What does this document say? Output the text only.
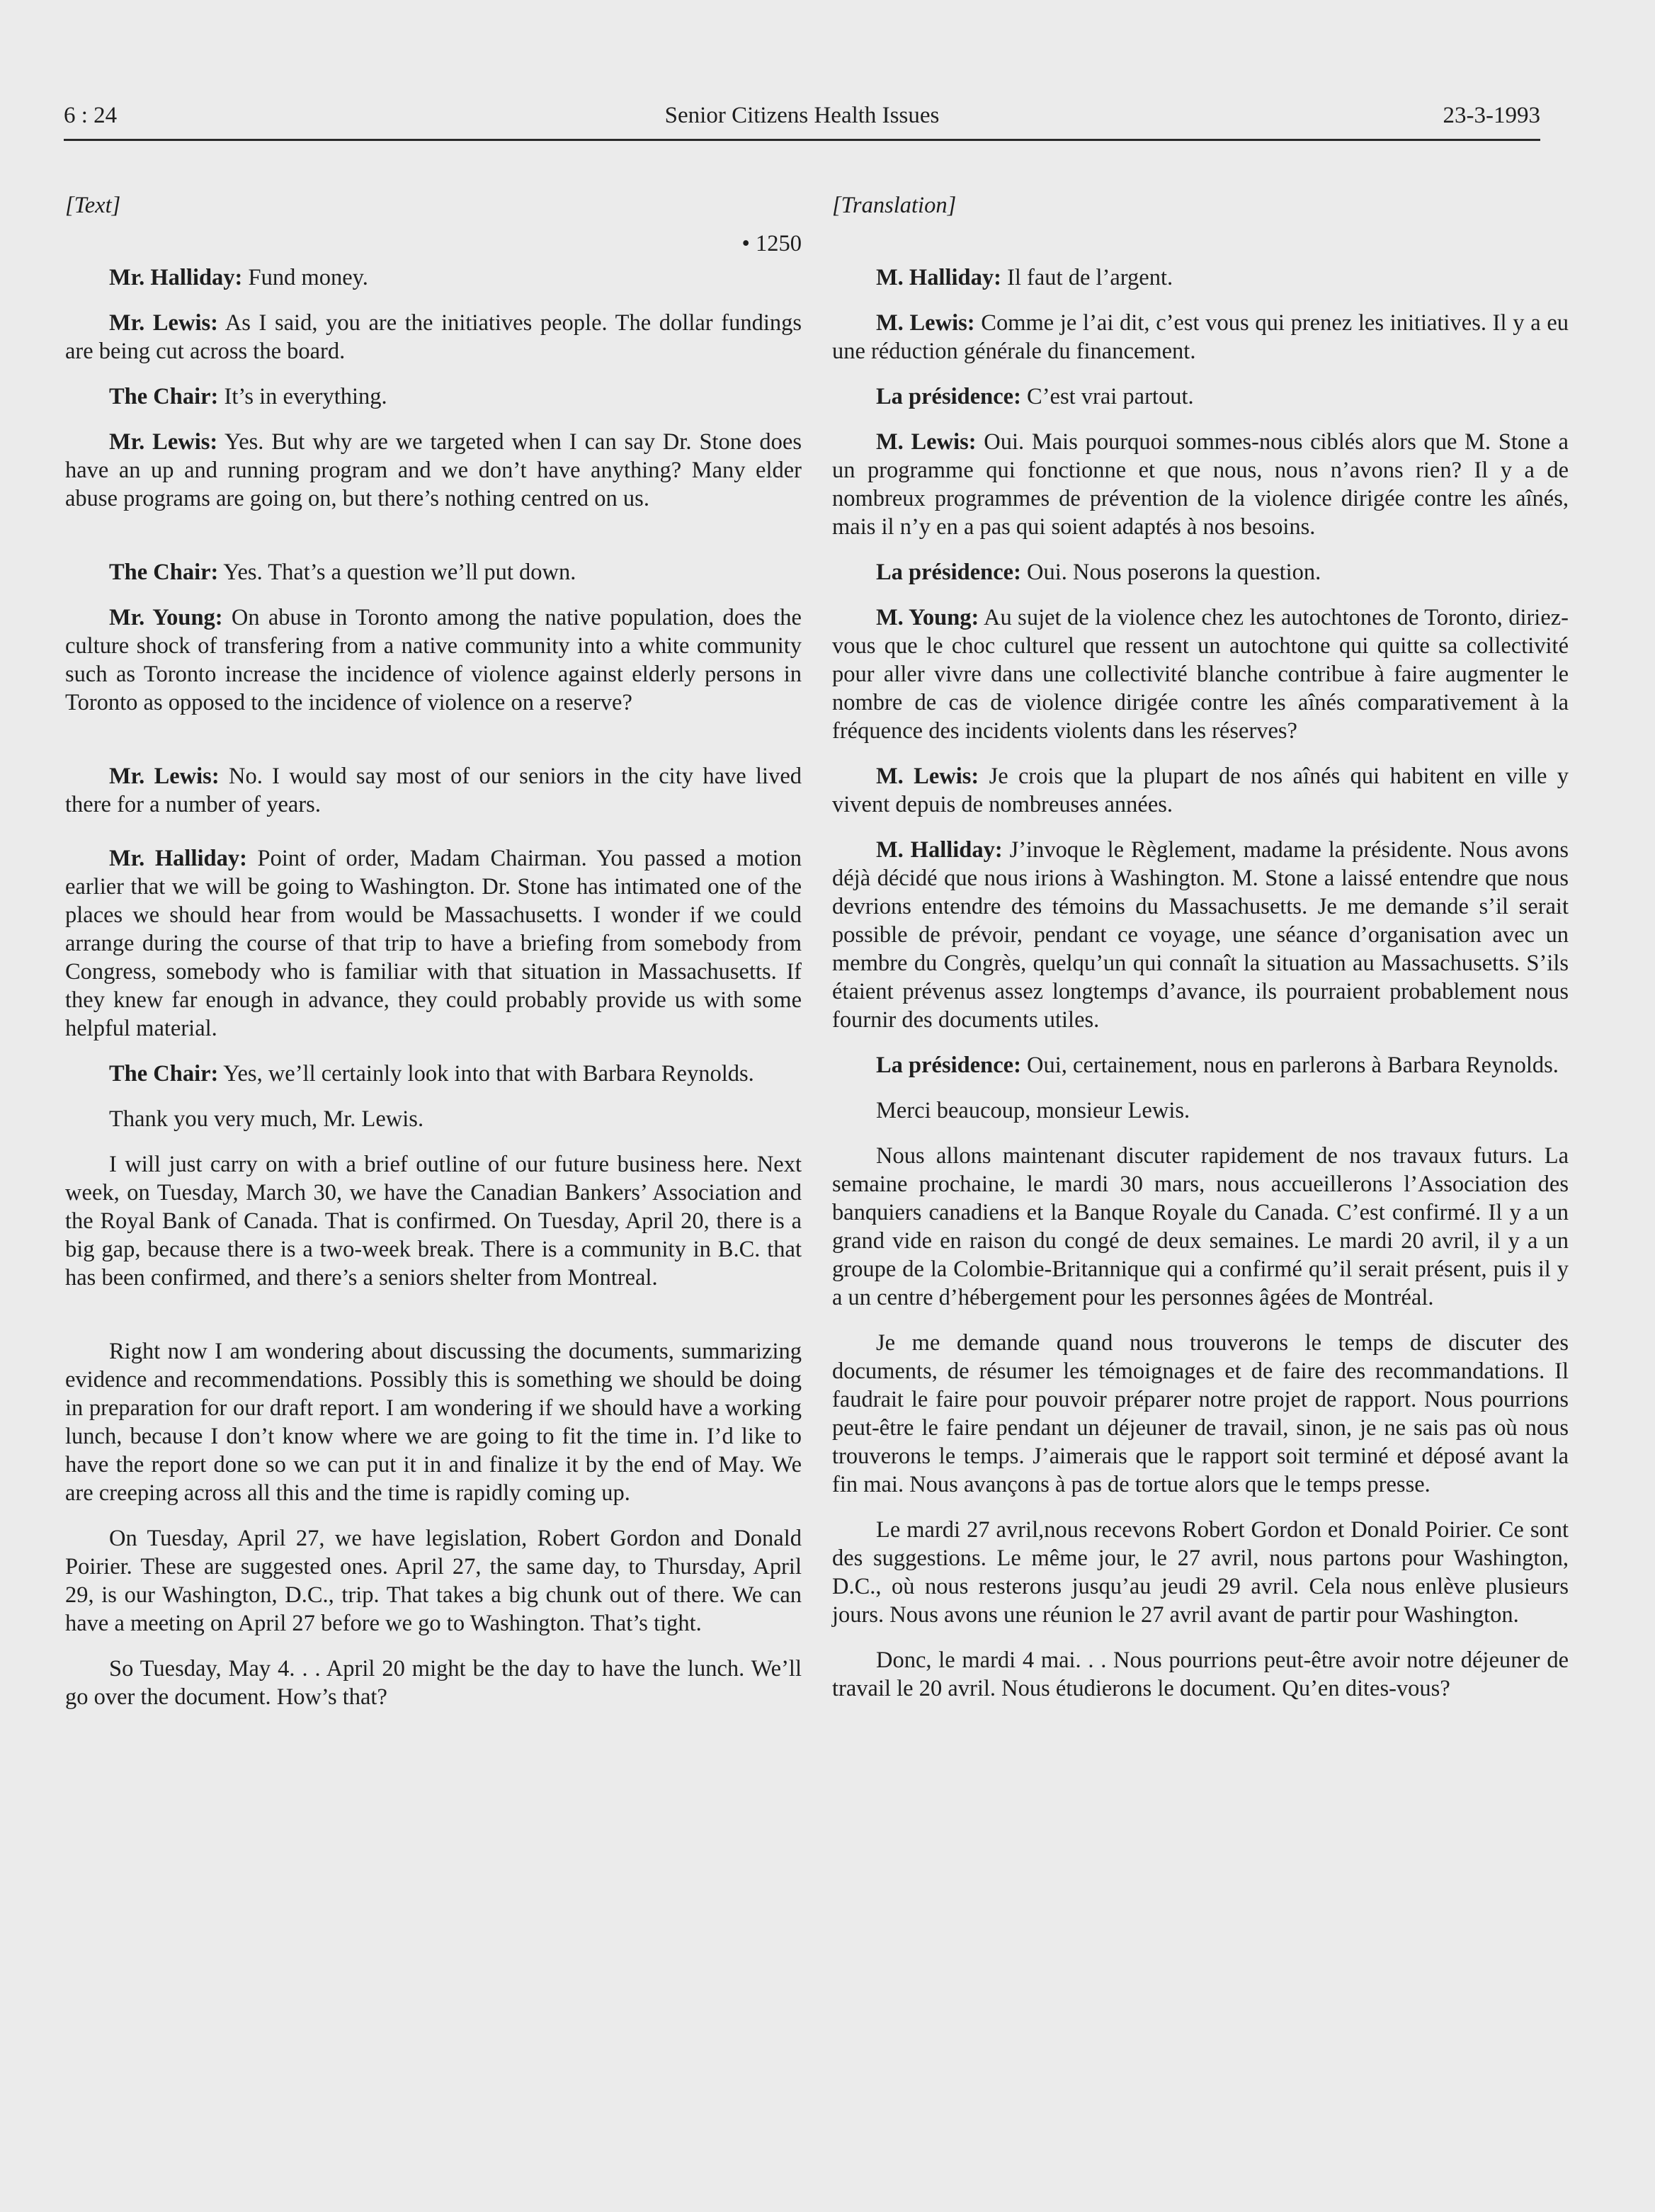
6 : 24	Senior Citizens Health Issues	23-3-1993

[Text]

• 1250

Mr. Halliday: Fund money.

Mr. Lewis: As I said, you are the initiatives people. The dollar fundings are being cut across the board.

The Chair: It’s in everything.

Mr. Lewis: Yes. But why are we targeted when I can say Dr. Stone does have an up and running program and we don’t have anything? Many elder abuse programs are going on, but there’s nothing centred on us.

The Chair: Yes. That’s a question we’ll put down.

Mr. Young: On abuse in Toronto among the native population, does the culture shock of transfering from a native community into a white community such as Toronto increase the incidence of violence against elderly persons in Toronto as opposed to the incidence of violence on a reserve?

Mr. Lewis: No. I would say most of our seniors in the city have lived there for a number of years.

Mr. Halliday: Point of order, Madam Chairman. You passed a motion earlier that we will be going to Washington. Dr. Stone has intimated one of the places we should hear from would be Massachusetts. I wonder if we could arrange during the course of that trip to have a briefing from somebody from Congress, somebody who is familiar with that situation in Massachusetts. If they knew far enough in advance, they could probably provide us with some helpful material.

The Chair: Yes, we’ll certainly look into that with Barbara Reynolds.

Thank you very much, Mr. Lewis.

I will just carry on with a brief outline of our future business here. Next week, on Tuesday, March 30, we have the Canadian Bankers’ Association and the Royal Bank of Canada. That is confirmed. On Tuesday, April 20, there is a big gap, because there is a two-week break. There is a community in B.C. that has been confirmed, and there’s a seniors shelter from Montreal.

Right now I am wondering about discussing the documents, summarizing evidence and recommendations. Possibly this is something we should be doing in preparation for our draft report. I am wondering if we should have a working lunch, because I don’t know where we are going to fit the time in. I’d like to have the report done so we can put it in and finalize it by the end of May. We are creeping across all this and the time is rapidly coming up.

On Tuesday, April 27, we have legislation, Robert Gordon and Donald Poirier. These are suggested ones. April 27, the same day, to Thursday, April 29, is our Washington, D.C., trip. That takes a big chunk out of there. We can have a meeting on April 27 before we go to Washington. That’s tight.

So Tuesday, May 4. . . April 20 might be the day to have the lunch. We’ll go over the document. How’s that?

[Translation]

M. Halliday: Il faut de l’argent.

M. Lewis: Comme je l’ai dit, c’est vous qui prenez les initiatives. Il y a eu une réduction générale du financement.

La présidence: C’est vrai partout.

M. Lewis: Oui. Mais pourquoi sommes-nous ciblés alors que M. Stone a un programme qui fonctionne et que nous, nous n’avons rien? Il y a de nombreux programmes de prévention de la violence dirigée contre les aînés, mais il n’y en a pas qui soient adaptés à nos besoins.

La présidence: Oui. Nous poserons la question.

M. Young: Au sujet de la violence chez les autochtones de Toronto, diriez-vous que le choc culturel que ressent un autochtone qui quitte sa collectivité pour aller vivre dans une collectivité blanche contribue à faire augmenter le nombre de cas de violence dirigée contre les aînés comparativement à la fréquence des incidents violents dans les réserves?

M. Lewis: Je crois que la plupart de nos aînés qui habitent en ville y vivent depuis de nombreuses années.

M. Halliday: J’invoque le Règlement, madame la présidente. Nous avons déjà décidé que nous irions à Washington. M. Stone a laissé entendre que nous devrions entendre des témoins du Massachusetts. Je me demande s’il serait possible de prévoir, pendant ce voyage, une séance d’organisation avec un membre du Congrès, quelqu’un qui connaît la situation au Massachusetts. S’ils étaient prévenus assez longtemps d’avance, ils pourraient probablement nous fournir des documents utiles.

La présidence: Oui, certainement, nous en parlerons à Barbara Reynolds.

Merci beaucoup, monsieur Lewis.

Nous allons maintenant discuter rapidement de nos travaux futurs. La semaine prochaine, le mardi 30 mars, nous accueillerons l’Association des banquiers canadiens et la Banque Royale du Canada. C’est confirmé. Il y a un grand vide en raison du congé de deux semaines. Le mardi 20 avril, il y a un groupe de la Colombie-Britannique qui a confirmé qu’il serait présent, puis il y a un centre d’hébergement pour les personnes âgées de Montréal.

Je me demande quand nous trouverons le temps de discuter des documents, de résumer les témoignages et de faire des recommandations. Il faudrait le faire pour pouvoir préparer notre projet de rapport. Nous pourrions peut-être le faire pendant un déjeuner de travail, sinon, je ne sais pas où nous trouverons le temps. J’aimerais que le rapport soit terminé et déposé avant la fin mai. Nous avançons à pas de tortue alors que le temps presse.

Le mardi 27 avril,nous recevons Robert Gordon et Donald Poirier. Ce sont des suggestions. Le même jour, le 27 avril, nous partons pour Washington, D.C., où nous resterons jusqu’au jeudi 29 avril. Cela nous enlève plusieurs jours. Nous avons une réunion le 27 avril avant de partir pour Washington.

Donc, le mardi 4 mai. . . Nous pourrions peut-être avoir notre déjeuner de travail le 20 avril. Nous étudierons le document. Qu’en dites-vous?
